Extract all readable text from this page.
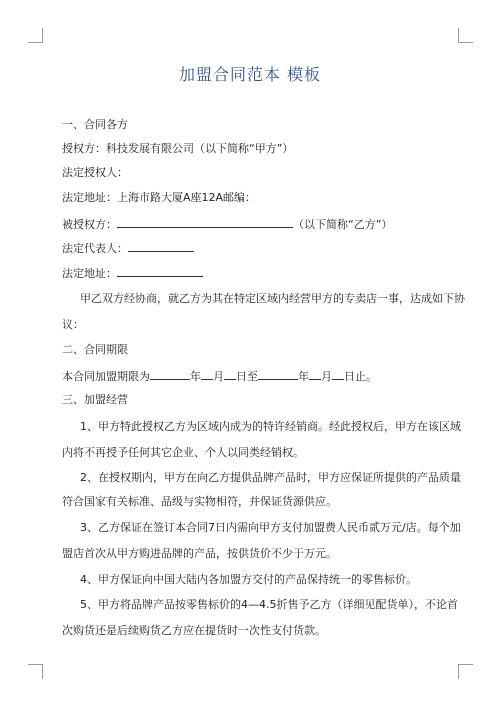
加盟合同范本 模板
一、合同各方
授权方：科技发展有限公司（以下简称“甲方”）
法定授权人：
法定地址：上海市路大厦A座12A邮编：
被授权方：	（以下简称“乙方”）
法定代表人：
法定地址：
甲乙双方经协商，就乙方为其在特定区域内经营甲方的专卖店一事，达成如下协
议：
二、合同期限
本合同加盟期限为	年 月 日至	年 月 日止。
三、加盟经营
1、甲方特此授权乙方为区域内成为的特许经销商。经此授权后，甲方在该区域
内将不再授予任何其它企业、个人以同类经销权。
2、在授权期内，甲方在向乙方提供品牌产品时，甲方应保证所提供的产品质量
符合国家有关标准、品级与实物相符，并保证货源供应。
3、乙方保证在签订本合同7日内需向甲方支付加盟费人民币贰万元/店。每个加
盟店首次从甲方购进品牌的产品，按供货价不少于万元。
4、甲方保证向中国大陆内各加盟方交付的产品保持统一的零售标价。
5、甲方将品牌产品按零售标价的4—4.5折售予乙方（详细见配货单），不论首
次购货还是后续购货乙方应在提货时一次性支付货款。
